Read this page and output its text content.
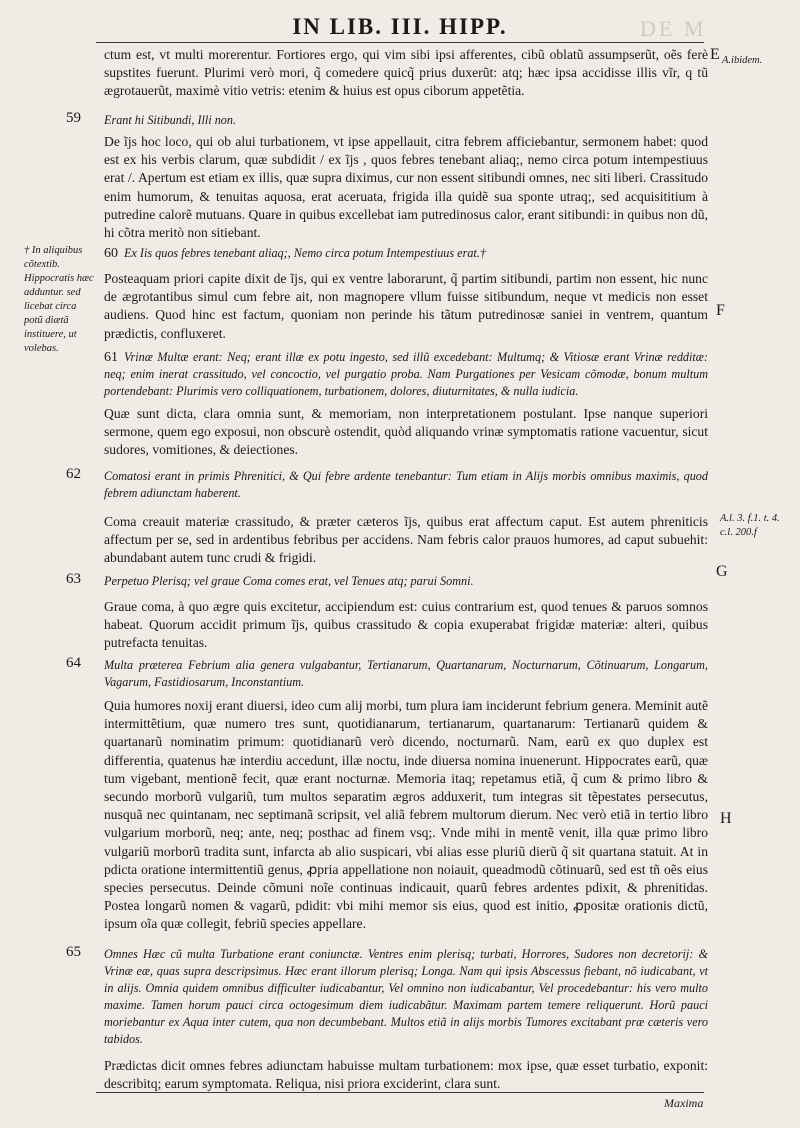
IN LIB. III. HIPP.	DE M
Maxima

ctum est, vt multi morerentur. Fortiores ergo, qui vim sibi ipsi afferentes, cibũ oblatũ assumpserũt, oẽs ferè supstites fuerunt. Plurimi verò mori, q̃ comedere quicq̃ prius duxerũt: atq; hæc ipsa accidisse illis vĩr, q tũ ægrotauerũt, maximè vitio vetris: etenim & huius est opus ciborum appetẽtia.

59 Erant hi Sitibundi, Illi non.

De ĩjs hoc loco, qui ob alui turbationem, vt ipse appellauit, citra febrem afficiebantur, sermonem habet: quod est ex his verbis clarum, quæ subdidit / ex ĩjs , quos febres tenebant aliaq;, nemo circa potum intempestiuus erat /. Apertum est etiam ex illis, quæ supra diximus, cur non essent sitibundi omnes, nec siti liberi. Crassitudo enim humorum, & tenuitas aquosa, erat aceruata, frigida illa quidẽ sua sponte utraq;, sed acquisititium à putredine calorẽ mutuans. Quare in quibus excellebat iam putredinosus calor, erant sitibundi: in quibus non dũ, hi cõtra meritò non sitiebant.

60 Ex Iis quos febres tenebant aliaq;, Nemo circa potum Intempestiuus erat.†

Posteaquam priori capite dixit de ĩjs, qui ex ventre laborarunt, q̃ partim sitibundi, partim non essent, hic nunc de ægrotantibus simul cum febre ait, non magnopere vllum fuisse sitibundum, neque vt medicis non esset audiens. Quod hinc est factum, quoniam non perinde his tãtum putredinosæ saniei in ventrem, quantum prædictis, confluxeret.

61 Vrinæ Multæ erant: Neq; erant illæ ex potu ingesto, sed illũ excedebant: Multumq; & Vitiosæ erant Vrinæ redditæ: neq; enim inerat crassitudo, vel concoctio, vel purgatio proba. Nam Purgationes per Vesicam cõmodæ, bonum multum portendebant: Plurimis vero colliquationem, turbationem, dolores, diuturnitates, & nulla iudicia.

Quæ sunt dicta, clara omnia sunt, & memoriam, non interpretationem postulant. Ipse nanque superiori sermone, quem ego exposui, non obscurè ostendit, quòd aliquando vrinæ symptomatis ratione vacuentur, sicut sudores, vomitiones, & deiectiones.

62 Comatosi erant in primis Phrenitici, & Qui febre ardente tenebantur: Tum etiam in Alijs morbis omnibus maximis, quod febrem adiunctam haberent.

Coma creauit materiæ crassitudo, & præter cæteros ĩjs, quibus erat affectum caput. Est autem phreniticis affectum per se, sed in ardentibus febribus per accidens. Nam febris calor prauos humores, ad caput subuehit: abundabant autem tunc crudi & frigidi.

63 Perpetuo Plerisq; vel graue Coma comes erat, vel Tenues atq; parui Somni.

Graue coma, à quo ægre quis excitetur, accipiendum est: cuius contrarium est, quod tenues & paruos somnos habeat. Quorum accidit primum ĩjs, quibus crassitudo & copia exuperabat frigidæ materiæ: alteri, quibus putrefacta tenuitas.

64 Multa præterea Febrium alia genera vulgabantur, Tertianarum, Quartanarum, Nocturnarum, Cõtinuarum, Longarum, Vagarum, Fastidiosarum, Inconstantium.

Quia humores noxij erant diuersi, ideo cum alij morbi, tum plura iam inciderunt febrium genera. Meminit autẽ intermittẽtium, quæ numero tres sunt, quotidianarum, tertianarum, quartanarum: Tertianarũ quidem & quartanarũ nominatim primum: quotidianarũ verò dicendo, nocturnarũ. Nam, earũ ex quo duplex est differentia, quatenus hæ interdiu accedunt, illæ noctu, inde diuersa nomina inuenerunt. Hippocrates earũ, quæ tum vigebant, mentionẽ fecit, quæ erant nocturnæ. Memoria itaq; repetamus etiã, q̃ cum & primo libro & secundo morborũ vulgariũ, tum multos separatim ægros adduxerit, tum integras sit tẽpestates persecutus, nusquã nec quintanam, nec septimanã scripsit, vel aliã febrem multorum dierum. Nec verò etiã in tertio libro vulgarium morborũ, neq; ante, neq; posthac ad finem vsq;. Vnde mihi in mentẽ venit, illa quæ primo libro vulgariũ morborũ tradita sunt, infarcta ab alio suspicari, vbi alias esse pluriũ dierũ q̃ sit quartana statuit. At in pdicta oratione intermittentiũ genus, ꝓpria appellatione non noiauit, queadmodũ cõtinuarũ, sed est tñ oẽs eius species persecutus. Deinde cõmuni noĩe continuas indicauit, quarũ febres ardentes pdixit, & phrenitidas. Postea longarũ nomen & vagarũ, pdidit: vbi mihi memor sis eius, quod est initio, ꝓpositæ orationis dictũ, ipsum oĩa quæ collegit, febriũ species appellare.

65 Omnes Hæc cũ multa Turbatione erant coniunctæ. Ventres enim plerisq; turbati, Horrores, Sudores non decretorij: & Vrinæ eæ, quas supra descripsimus. Hæc erant illorum plerisq; Longa. Nam qui ipsis Abscessus fiebant, nõ iudicabant, vt in alijs. Omnia quidem omnibus difficulter iudicabantur, Vel omnino non iudicabantur, Vel procedebantur: his vero multo maxime. Tamen horum pauci circa octogesimum diem iudicabãtur. Maximam partem temere reliquerunt. Horũ pauci moriebantur ex Aqua inter cutem, qua non decumbebant. Multos etiã in alijs morbis Tumores excitabant præ cæteris vero tabidos.

Prædictas dicit omnes febres adiunctam habuisse multam turbationem: mox ipse, quæ esset turbatio, exponit: describitq; earum symptomata. Reliqua, nisi priora exciderint, clara sunt.

A.ibidem.
† In aliquibus cõtextib. Hippocratis hæc adduntur. sed licebat circa potũ diætã instituere, ut volebas.
A.l. 3. f.1. t. 4. c.l. 200.f
E
F
G
H
